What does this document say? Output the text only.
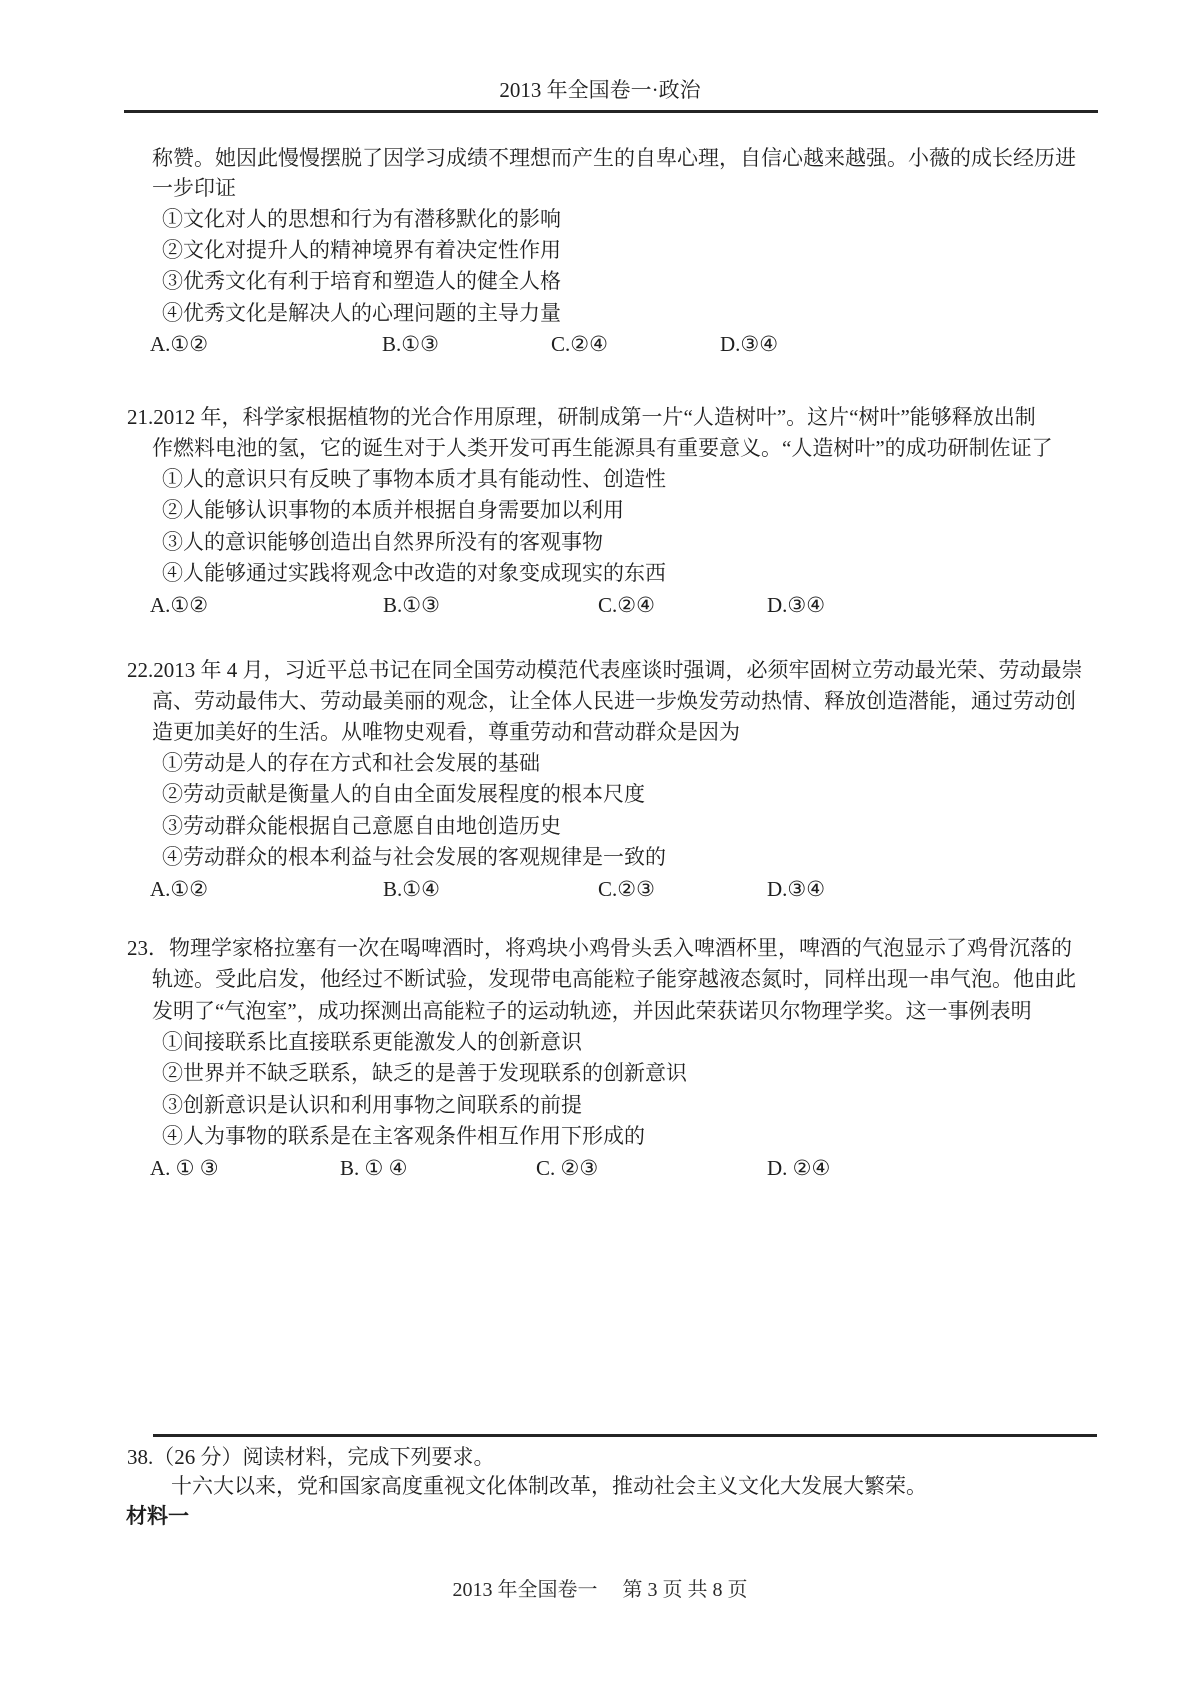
2013 年全国卷一·政治
称赞。她因此慢慢摆脱了因学习成绩不理想而产生的自卑心理，自信心越来越强。小薇的成长经历进
一步印证
①文化对人的思想和行为有潜移默化的影响
②文化对提升人的精神境界有着决定性作用
③优秀文化有利于培育和塑造人的健全人格
④优秀文化是解决人的心理问题的主导力量
A.①②	B.①③	C.②④	D.③④
21.2012 年，科学家根据植物的光合作用原理，研制成第一片“人造树叶”。这片“树叶”能够释放出制
作燃料电池的氢，它的诞生对于人类开发可再生能源具有重要意义。“人造树叶”的成功研制佐证了
①人的意识只有反映了事物本质才具有能动性、创造性
②人能够认识事物的本质并根据自身需要加以利用
③人的意识能够创造出自然界所没有的客观事物
④人能够通过实践将观念中改造的对象变成现实的东西
A.①②	B.①③	C.②④	D.③④
22.2013 年 4 月，习近平总书记在同全国劳动模范代表座谈时强调，必须牢固树立劳动最光荣、劳动最崇
高、劳动最伟大、劳动最美丽的观念，让全体人民进一步焕发劳动热情、释放创造潜能，通过劳动创
造更加美好的生活。从唯物史观看，尊重劳动和营动群众是因为
①劳动是人的存在方式和社会发展的基础
②劳动贡献是衡量人的自由全面发展程度的根本尺度
③劳动群众能根据自己意愿自由地创造历史
④劳动群众的根本利益与社会发展的客观规律是一致的
A.①②	B.①④	C.②③	D.③④
23．物理学家格拉塞有一次在喝啤酒时，将鸡块小鸡骨头丢入啤酒杯里，啤酒的气泡显示了鸡骨沉落的
轨迹。受此启发，他经过不断试验，发现带电高能粒子能穿越液态氮时，同样出现一串气泡。他由此
发明了“气泡室”，成功探测出高能粒子的运动轨迹，并因此荣获诺贝尔物理学奖。这一事例表明
①间接联系比直接联系更能激发人的创新意识
②世界并不缺乏联系，缺乏的是善于发现联系的创新意识
③创新意识是认识和利用事物之间联系的前提
④人为事物的联系是在主客观条件相互作用下形成的
A. ① ③	B. ① ④	C. ②③	D. ②④
38.（26 分）阅读材料，完成下列要求。
十六大以来，党和国家高度重视文化体制改革，推动社会主义文化大发展大繁荣。
材料一
2013 年全国卷一　 第 3 页 共 8 页
